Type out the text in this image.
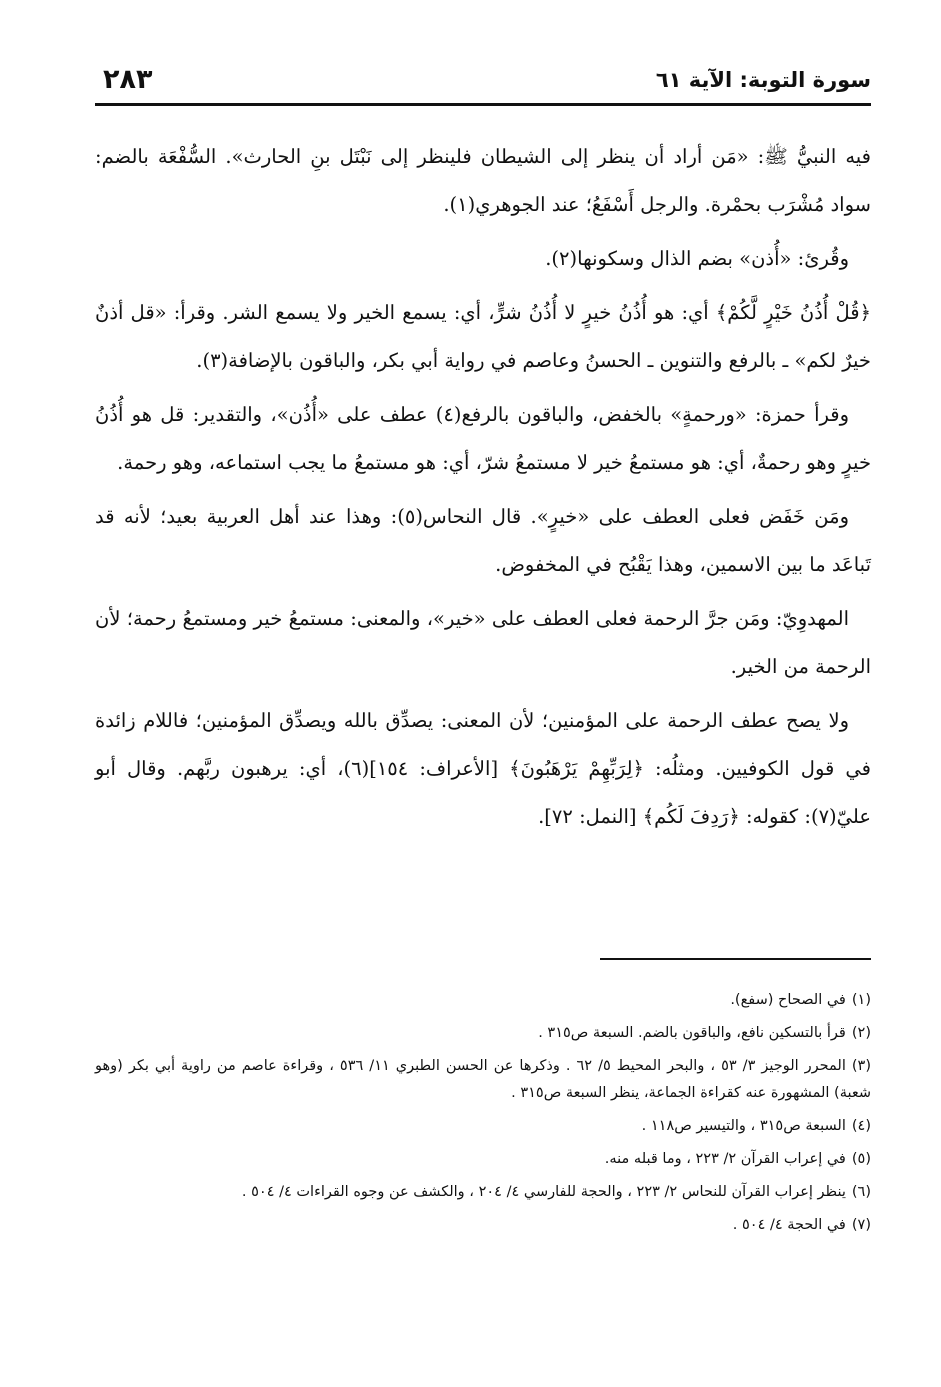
سورة التوبة: الآية ٦١
٢٨٣

فيه النبيُّ ﷺ: «مَن أراد أن ينظر إلى الشيطان فلينظر إلى نَبْتَل بنِ الحارث». السُّفْعَة بالضم: سواد مُشْرَب بحمْرة. والرجل أَسْفَعُ؛ عند الجوهري(١).

وقُرئ: «أُذن» بضم الذال وسكونها(٢).

﴿قُلْ أُذُنُ خَيْرٍ لَّكُمْ﴾ أي: هو أُذُنُ خيرٍ لا أُذُنُ شرٍّ، أي: يسمع الخير ولا يسمع الشر. وقرأ: «قل أذنٌ خيرٌ لكم» ـ بالرفع والتنوين ـ الحسنُ وعاصم في رواية أبي بكر، والباقون بالإضافة(٣).

وقرأ حمزة: «ورحمةٍ» بالخفض، والباقون بالرفع(٤) عطف على «أُذُن»، والتقدير: قل هو أُذُنُ خيرٍ وهو رحمةٌ، أي: هو مستمعُ خير لا مستمعُ شرّ، أي: هو مستمعُ ما يجب استماعه، وهو رحمة.

ومَن خَفَض فعلى العطف على «خيرٍ». قال النحاس(٥): وهذا عند أهل العربية بعيد؛ لأنه قد تَباعَد ما بين الاسمين، وهذا يَقْبُح في المخفوض.

المهدوِيّ: ومَن جرَّ الرحمة فعلى العطف على «خير»، والمعنى: مستمعُ خير ومستمعُ رحمة؛ لأن الرحمة من الخير.

ولا يصح عطف الرحمة على المؤمنين؛ لأن المعنى: يصدِّق بالله ويصدِّق المؤمنين؛ فاللام زائدة في قول الكوفيين. ومثلُه: ﴿لِرَبِّهِمْ يَرْهَبُونَ﴾ [الأعراف: ١٥٤](٦)، أي: يرهبون ربَّهم. وقال أبو عليّ(٧): كقوله: ﴿رَدِفَ لَكُم﴾ [النمل: ٧٢].

(١)في الصحاح (سفع).
(٢)قرأ بالتسكين نافع، والباقون بالضم. السبعة ص٣١٥ .
(٣)المحرر الوجيز ٣/ ٥٣ ، والبحر المحيط ٥/ ٦٢ . وذكرها عن الحسن الطبري ١١/ ٥٣٦ ، وقراءة عاصم من راوية أبي بكر (وهو شعبة) المشهورة عنه كقراءة الجماعة، ينظر السبعة ص٣١٥ .
(٤)السبعة ص٣١٥ ، والتيسير ص١١٨ .
(٥)في إعراب القرآن ٢/ ٢٢٣ ، وما قبله منه.
(٦)ينظر إعراب القرآن للنحاس ٢/ ٢٢٣ ، والحجة للفارسي ٤/ ٢٠٤ ، والكشف عن وجوه القراءات ٤/ ٥٠٤ .
(٧)في الحجة ٤/ ٥٠٤ .
